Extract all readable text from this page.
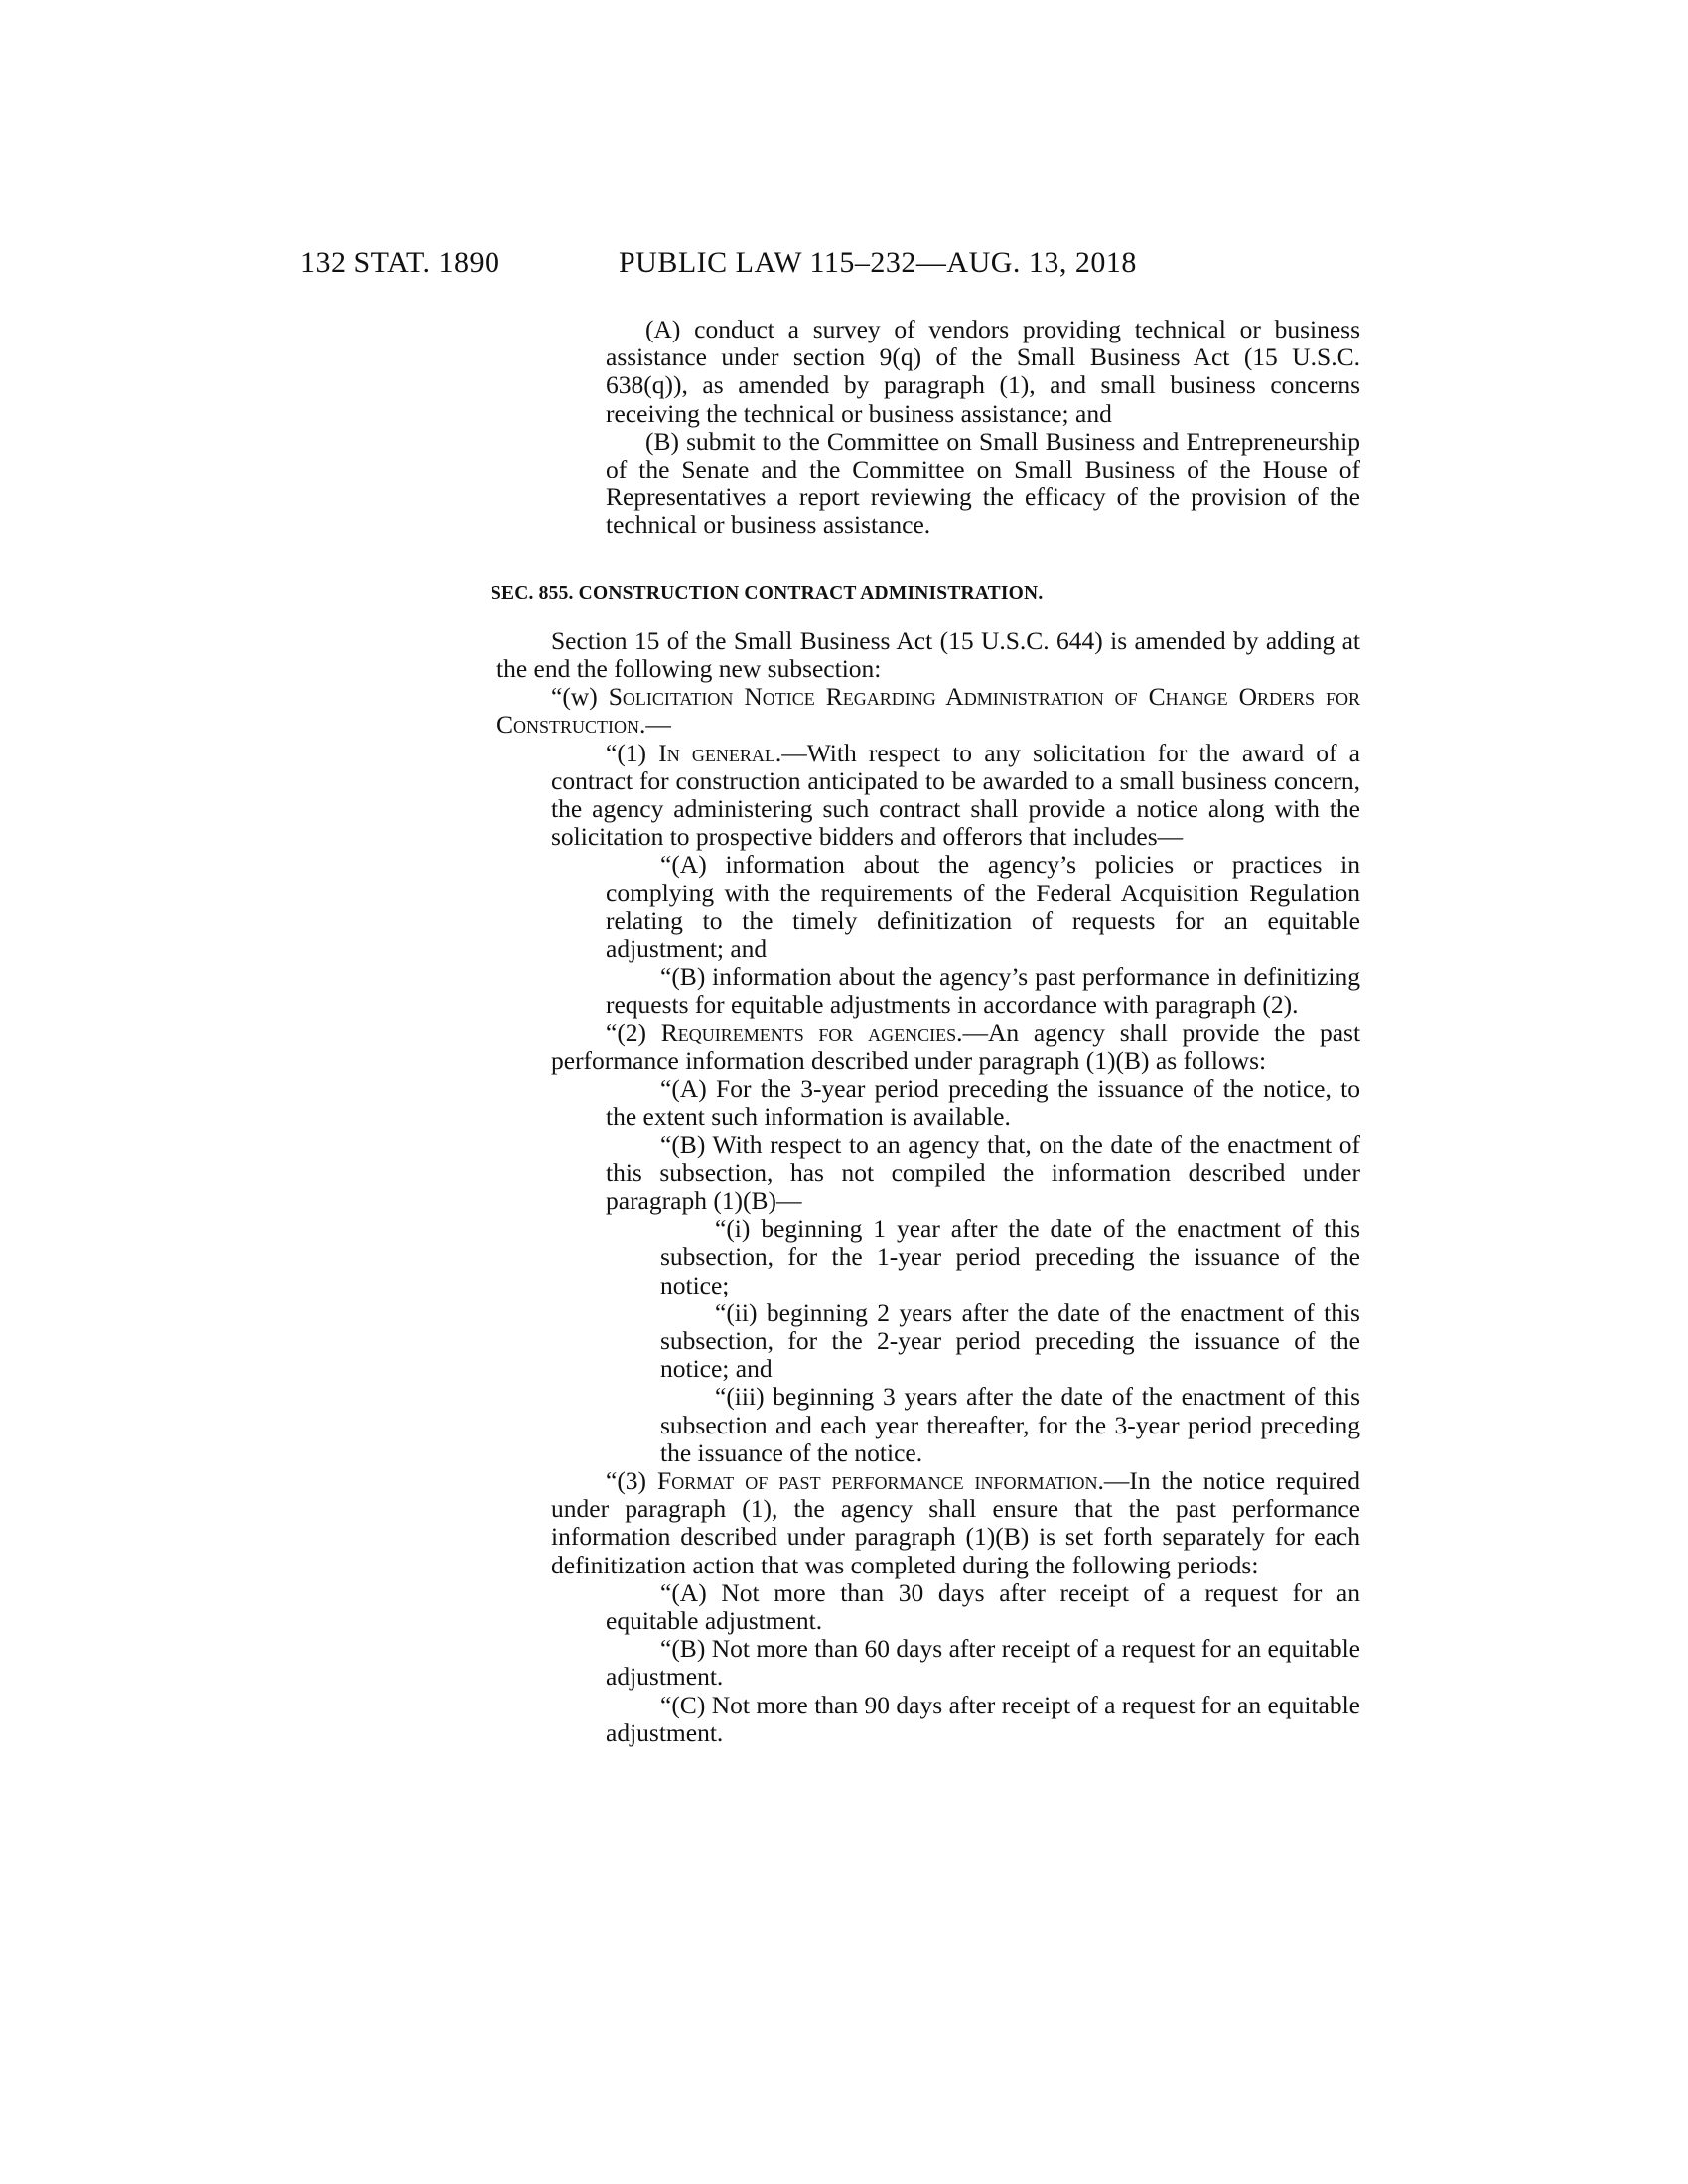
132 STAT. 1890	PUBLIC LAW 115–232—AUG. 13, 2018

(A) conduct a survey of vendors providing technical or business assistance under section 9(q) of the Small Business Act (15 U.S.C. 638(q)), as amended by paragraph (1), and small business concerns receiving the technical or business assistance; and

(B) submit to the Committee on Small Business and Entrepreneurship of the Senate and the Committee on Small Business of the House of Representatives a report reviewing the efficacy of the provision of the technical or business assistance.

SEC. 855. CONSTRUCTION CONTRACT ADMINISTRATION.

Section 15 of the Small Business Act (15 U.S.C. 644) is amended by adding at the end the following new subsection:

“(w) Solicitation Notice Regarding Administration of Change Orders for Construction.—

“(1) In general.—With respect to any solicitation for the award of a contract for construction anticipated to be awarded to a small business concern, the agency administering such contract shall provide a notice along with the solicitation to prospective bidders and offerors that includes—

“(A) information about the agency’s policies or practices in complying with the requirements of the Federal Acquisition Regulation relating to the timely definitization of requests for an equitable adjustment; and

“(B) information about the agency’s past performance in definitizing requests for equitable adjustments in accordance with paragraph (2).

“(2) Requirements for agencies.—An agency shall provide the past performance information described under paragraph (1)(B) as follows:

“(A) For the 3-year period preceding the issuance of the notice, to the extent such information is available.

“(B) With respect to an agency that, on the date of the enactment of this subsection, has not compiled the information described under paragraph (1)(B)—

“(i) beginning 1 year after the date of the enactment of this subsection, for the 1-year period preceding the issuance of the notice;

“(ii) beginning 2 years after the date of the enactment of this subsection, for the 2-year period preceding the issuance of the notice; and

“(iii) beginning 3 years after the date of the enactment of this subsection and each year thereafter, for the 3-year period preceding the issuance of the notice.

“(3) Format of past performance information.—In the notice required under paragraph (1), the agency shall ensure that the past performance information described under paragraph (1)(B) is set forth separately for each definitization action that was completed during the following periods:

“(A) Not more than 30 days after receipt of a request for an equitable adjustment.

“(B) Not more than 60 days after receipt of a request for an equitable adjustment.

“(C) Not more than 90 days after receipt of a request for an equitable adjustment.
